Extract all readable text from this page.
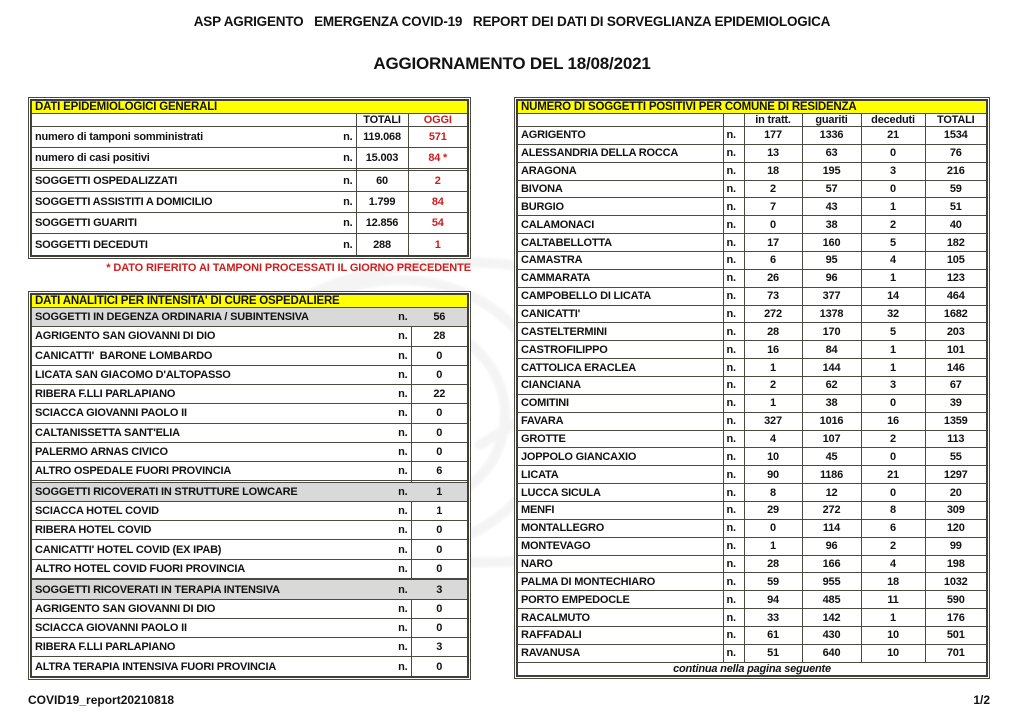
ASP AGRIGENTO   EMERGENZA COVID-19   REPORT DEI DATI DI SORVEGLIANZA EPIDEMIOLOGICA
AGGIORNAMENTO DEL 18/08/2021
DATI EPIDEMIOLOGICI GENERALI		
	TOTALI	OGGI

numero di tamponi somministrati n.	119.068	571

numero di casi positivi n.	15.003	84 *

SOGGETTI OSPEDALIZZATI n.	60	2

SOGGETTI ASSISTITI A DOMICILIO n.	1.799	84

SOGGETTI GUARITI n.	12.856	54

SOGGETTI DECEDUTI n.	288	1
* DATO RIFERITO AI TAMPONI PROCESSATI IL GIORNO PRECEDENTE
DATI ANALITICI PER INTENSITA' DI CURE OSPEDALIERE	

SOGGETTI IN DEGENZA ORDINARIA / SUBINTENSIVA n.	56

AGRIGENTO SAN GIOVANNI DI DIO n.	28

CANICATTI'  BARONE LOMBARDO n.	0

LICATA SAN GIACOMO D'ALTOPASSO n.	0

RIBERA F.LLI PARLAPIANO n.	22

SCIACCA GIOVANNI PAOLO II n.	0

CALTANISSETTA SANT'ELIA n.	0

PALERMO ARNAS CIVICO n.	0

ALTRO OSPEDALE FUORI PROVINCIA n.	6

SOGGETTI RICOVERATI IN STRUTTURE LOWCARE n.	1

SCIACCA HOTEL COVID n.	1

RIBERA HOTEL COVID n.	0

CANICATTI' HOTEL COVID (EX IPAB) n.	0

ALTRO HOTEL COVID FUORI PROVINCIA n.	0

SOGGETTI RICOVERATI IN TERAPIA INTENSIVA n.	3

AGRIGENTO SAN GIOVANNI DI DIO n.	0

SCIACCA GIOVANNI PAOLO II n.	0

RIBERA F.LLI PARLAPIANO n.	3

ALTRA TERAPIA INTENSIVA FUORI PROVINCIA n.	0
NUMERO DI SOGGETTI POSITIVI PER COMUNE DI RESIDENZA					
		in tratt.	guariti	deceduti	TOTALI
AGRIGENTO	n.	177	1336	21	1534
ALESSANDRIA DELLA ROCCA	n.	13	63	0	76
ARAGONA	n.	18	195	3	216
BIVONA	n.	2	57	0	59
BURGIO	n.	7	43	1	51
CALAMONACI	n.	0	38	2	40
CALTABELLOTTA	n.	17	160	5	182
CAMASTRA	n.	6	95	4	105
CAMMARATA	n.	26	96	1	123
CAMPOBELLO DI LICATA	n.	73	377	14	464
CANICATTI'	n.	272	1378	32	1682
CASTELTERMINI	n.	28	170	5	203
CASTROFILIPPO	n.	16	84	1	101
CATTOLICA ERACLEA	n.	1	144	1	146
CIANCIANA	n.	2	62	3	67
COMITINI	n.	1	38	0	39
FAVARA	n.	327	1016	16	1359
GROTTE	n.	4	107	2	113
JOPPOLO GIANCAXIO	n.	10	45	0	55
LICATA	n.	90	1186	21	1297
LUCCA SICULA	n.	8	12	0	20
MENFI	n.	29	272	8	309
MONTALLEGRO	n.	0	114	6	120
MONTEVAGO	n.	1	96	2	99
NARO	n.	28	166	4	198
PALMA DI MONTECHIARO	n.	59	955	18	1032
PORTO EMPEDOCLE	n.	94	485	11	590
RACALMUTO	n.	33	142	1	176
RAFFADALI	n.	61	430	10	501
RAVANUSA	n.	51	640	10	701
continua nella pagina seguente					
COVID19_report20210818	1/2
